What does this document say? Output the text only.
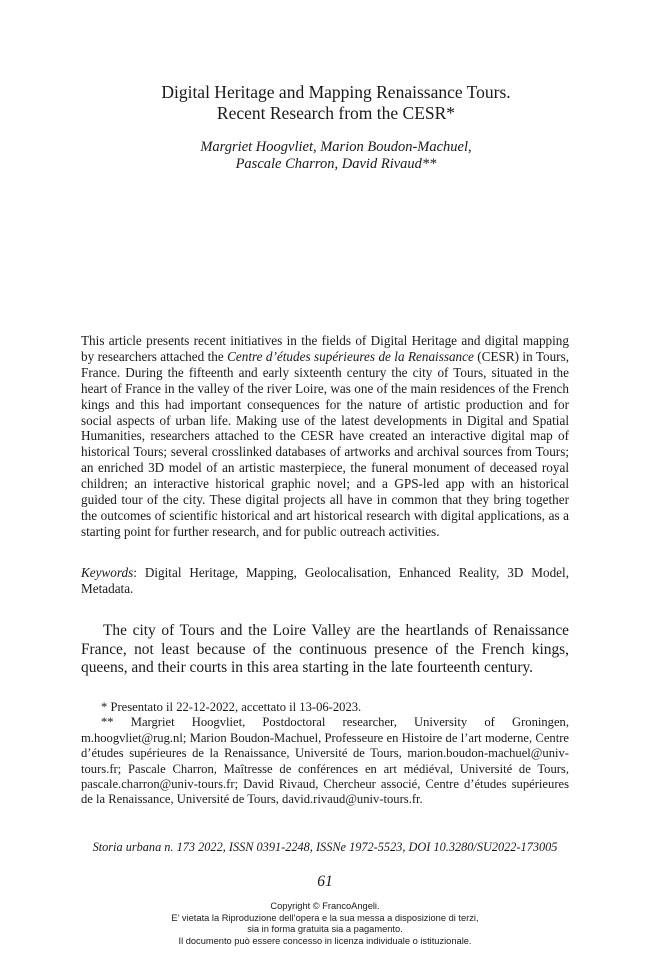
Digital Heritage and Mapping Renaissance Tours.
Recent Research from the CESR*
Margriet Hoogvliet, Marion Boudon-Machuel,
Pascale Charron, David Rivaud**

This article presents recent initiatives in the fields of Digital Heritage and digital mapping by researchers attached the Centre d’études supérieures de la Renaissance (CESR) in Tours, France. During the fifteenth and early sixteenth century the city of Tours, situated in the heart of France in the valley of the river Loire, was one of the main residences of the French kings and this had important consequences for the nature of artistic production and for social aspects of urban life. Making use of the latest developments in Digital and Spatial Humanities, researchers attached to the CESR have created an interactive digital map of historical Tours; several crosslinked databases of artworks and archival sources from Tours; an enriched 3D model of an artistic masterpiece, the funeral monument of deceased royal children; an interactive historical graphic novel; and a GPS-led app with an historical guided tour of the city. These digital projects all have in common that they bring together the outcomes of scientific historical and art historical research with digital applications, as a starting point for further research, and for public outreach activities.

Keywords: Digital Heritage, Mapping, Geolocalisation, Enhanced Reality, 3D Model, Metadata.

The city of Tours and the Loire Valley are the heartlands of Renaissance France, not least because of the continuous presence of the French kings, queens, and their courts in this area starting in the late fourteenth century.

* Presentato il 22-12-2022, accettato il 13-06-2023.

** Margriet Hoogvliet, Postdoctoral researcher, University of Groningen, m.hoogvliet@rug.nl; Marion Boudon-Machuel, Professeure en Histoire de l’art moderne, Centre d’études supérieures de la Renaissance, Université de Tours, marion.boudon-machuel@univ-tours.fr; Pascale Charron, Maîtresse de conférences en art médiéval, Université de Tours, pascale.charron@univ-tours.fr; David Rivaud, Chercheur associé, Centre d’études supérieures de la Renaissance, Université de Tours, david.rivaud@univ-tours.fr.

Storia urbana n. 173 2022, ISSN 0391-2248, ISSNe 1972-5523, DOI 10.3280/SU2022-173005
61
Copyright © FrancoAngeli.
E’ vietata la Riproduzione dell’opera e la sua messa a disposizione di terzi,
sia in forma gratuita sia a pagamento.
Il documento può essere concesso in licenza individuale o istituzionale.
